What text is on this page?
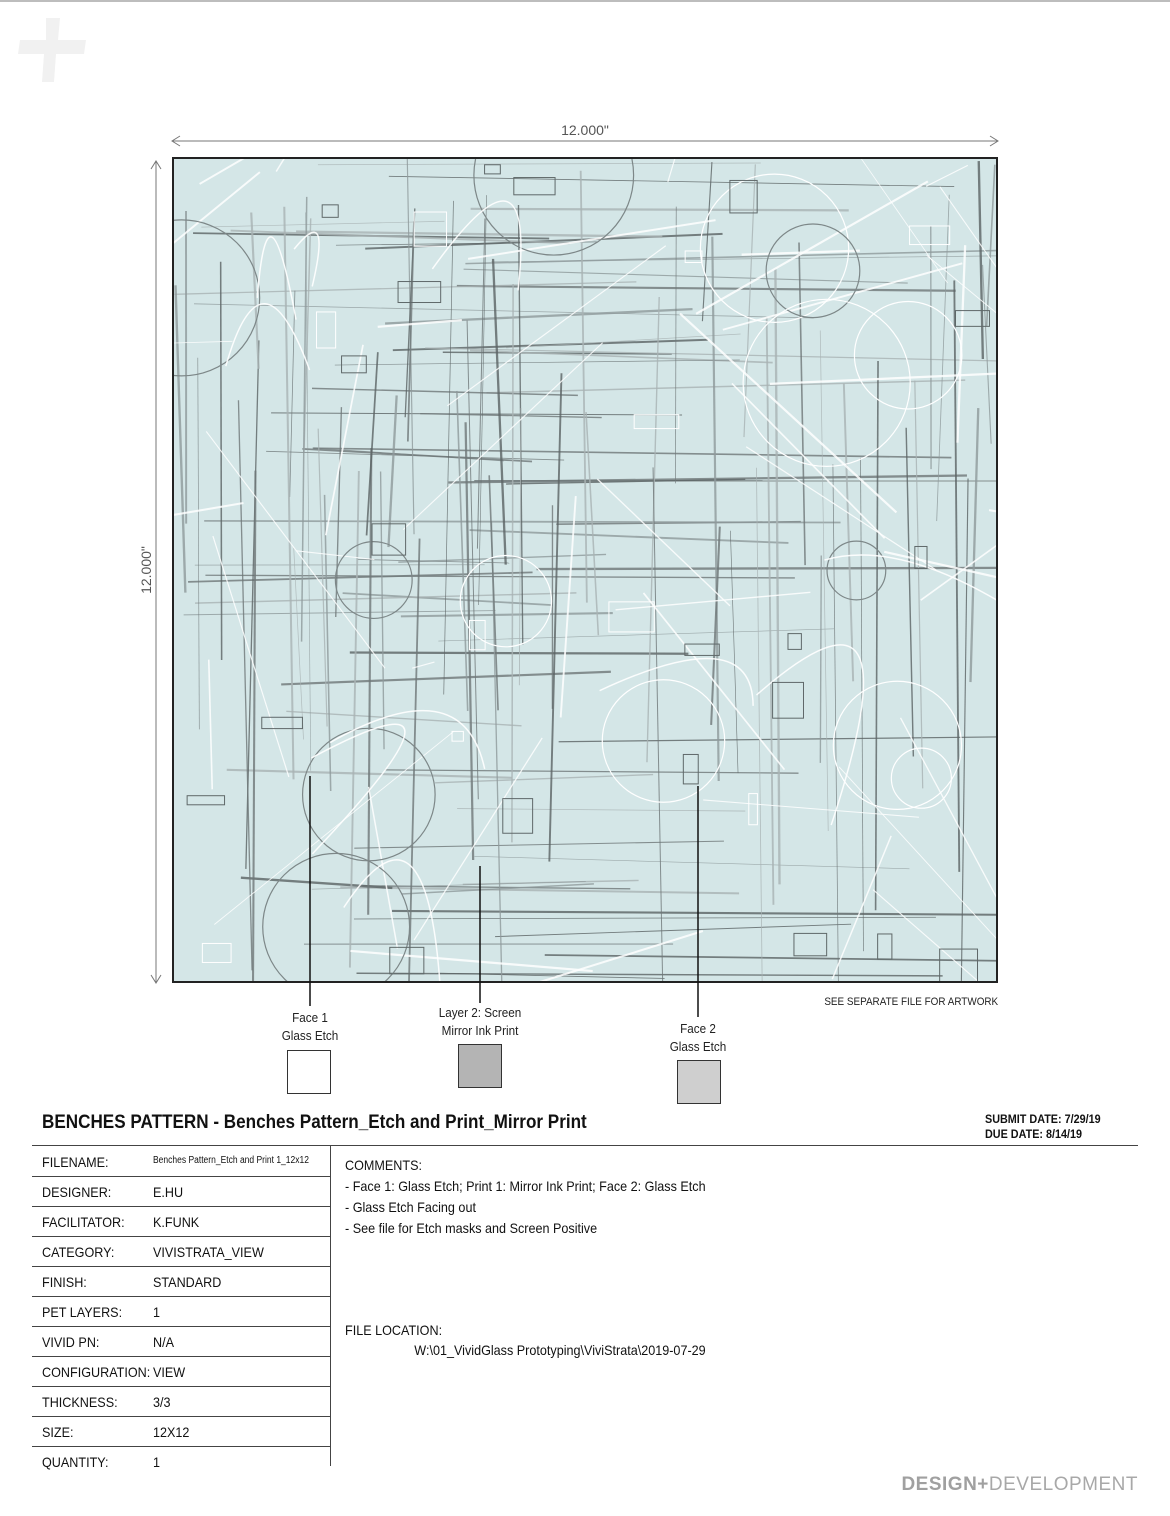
12.000"
12.000"
SEE SEPARATE FILE FOR ARTWORK
Face 1
Glass Etch
Layer 2: Screen
Mirror Ink Print	Face 2
Glass Etch
BENCHES PATTERN - Benches Pattern_Etch and Print_Mirror Print	SUBMIT DATE: 7/29/19
DUE DATE: 8/14/19
FILENAME:	Benches Pattern_Etch and Print 1_12x12
DESIGNER:	E.HU
FACILITATOR: K.FUNK
CATEGORY:	VIVISTRATA_VIEW
FINISH:	STANDARD
PET LAYERS: 1
VIVID PN:	N/A
CONFIGURATION: VIEW
THICKNESS:	3/3
SIZE:	12X12
QUANTITY:	1
COMMENTS:
- Face 1: Glass Etch; Print 1: Mirror Ink Print; Face 2: Glass Etch
- Glass Etch Facing out
- See file for Etch masks and Screen Positive
FILE LOCATION:
W:\01_VividGlass Prototyping\ViviStrata\2019-07-29
DESIGN+DEVELOPMENT
